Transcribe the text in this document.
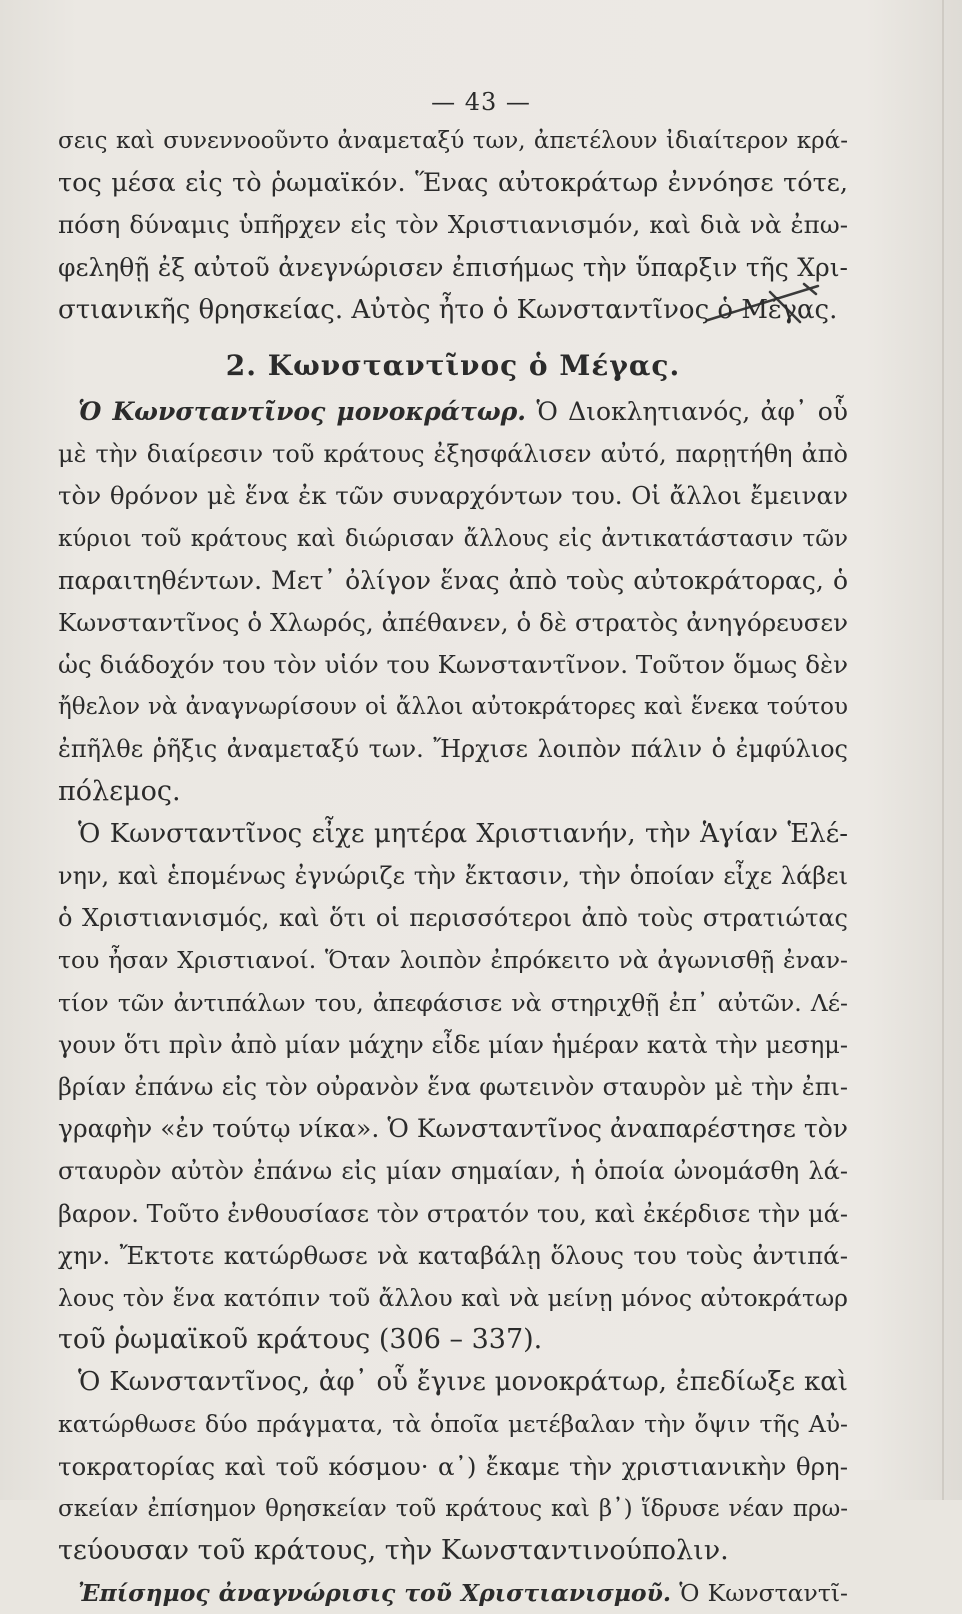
— 43 —
σεις καὶ συνεννοοῦντο ἀναμεταξύ των, ἀπετέλουν ἰδιαίτερον κρά-
τος μέσα εἰς τὸ ῥωμαϊκόν. Ἕνας αὐτοκράτωρ ἐννόησε τότε,
πόση δύναμις ὑπῆρχεν εἰς τὸν Χριστιανισμόν, καὶ διὰ νὰ ἐπω-
φεληθῇ ἐξ αὐτοῦ ἀνεγνώρισεν ἐπισήμως τὴν ὕπαρξιν τῆς Χρι-
στιανικῆς θρησκείας. Αὐτὸς ἦτο ὁ Κωνσταντῖνος ὁ Μέγας.
2. Κωνσταντῖνος ὁ Μέγας.
Ὁ Κωνσταντῖνος μονοκράτωρ. Ὁ Διοκλητιανός, ἀφ᾽ οὗ
μὲ τὴν διαίρεσιν τοῦ κράτους ἐξησφάλισεν αὐτό, παρῃτήθη ἀπὸ
τὸν θρόνον μὲ ἕνα ἐκ τῶν συναρχόντων του. Οἱ ἄλλοι ἔμειναν
κύριοι τοῦ κράτους καὶ διώρισαν ἄλλους εἰς ἀντικατάστασιν τῶν
παραιτηθέντων. Μετ᾽ ὀλίγον ἕνας ἀπὸ τοὺς αὐτοκράτορας, ὁ
Κωνσταντῖνος ὁ Χλωρός, ἀπέθανεν, ὁ δὲ στρατὸς ἀνηγόρευσεν
ὡς διάδοχόν του τὸν υἱόν του Κωνσταντῖνον. Τοῦτον ὅμως δὲν
ἤθελον νὰ ἀναγνωρίσουν οἱ ἄλλοι αὐτοκράτορες καὶ ἕνεκα τούτου
ἐπῆλθε ῥῆξις ἀναμεταξύ των. Ἤρχισε λοιπὸν πάλιν ὁ ἐμφύλιος
πόλεμος.
Ὁ Κωνσταντῖνος εἶχε μητέρα Χριστιανήν, τὴν Ἁγίαν Ἑλέ-
νην, καὶ ἑπομένως ἐγνώριζε τὴν ἔκτασιν, τὴν ὁποίαν εἶχε λάβει
ὁ Χριστιανισμός, καὶ ὅτι οἱ περισσότεροι ἀπὸ τοὺς στρατιώτας
του ἦσαν Χριστιανοί. Ὅταν λοιπὸν ἐπρόκειτο νὰ ἀγωνισθῇ ἐναν-
τίον τῶν ἀντιπάλων του, ἀπεφάσισε νὰ στηριχθῇ ἐπ᾽ αὐτῶν. Λέ-
γουν ὅτι πρὶν ἀπὸ μίαν μάχην εἶδε μίαν ἡμέραν κατὰ τὴν μεσημ-
βρίαν ἐπάνω εἰς τὸν οὐρανὸν ἕνα φωτεινὸν σταυρὸν μὲ τὴν ἐπι-
γραφὴν «ἐν τούτῳ νίκα». Ὁ Κωνσταντῖνος ἀναπαρέστησε τὸν
σταυρὸν αὐτὸν ἐπάνω εἰς μίαν σημαίαν, ἡ ὁποία ὠνομάσθη λά-
βαρον. Τοῦτο ἐνθουσίασε τὸν στρατόν του, καὶ ἐκέρδισε τὴν μά-
χην. Ἔκτοτε κατώρθωσε νὰ καταβάλῃ ὅλους του τοὺς ἀντιπά-
λους τὸν ἕνα κατόπιν τοῦ ἄλλου καὶ νὰ μείνῃ μόνος αὐτοκράτωρ
τοῦ ῥωμαϊκοῦ κράτους (306 – 337).
Ὁ Κωνσταντῖνος, ἀφ᾽ οὗ ἔγινε μονοκράτωρ, ἐπεδίωξε καὶ
κατώρθωσε δύο πράγματα, τὰ ὁποῖα μετέβαλαν τὴν ὄψιν τῆς Αὐ-
τοκρατορίας καὶ τοῦ κόσμου· α᾽) ἔκαμε τὴν χριστιανικὴν θρη-
σκείαν ἐπίσημον θρησκείαν τοῦ κράτους καὶ β᾽) ἵδρυσε νέαν πρω-
τεύουσαν τοῦ κράτους, τὴν Κωνσταντινούπολιν.
Ἐπίσημος ἀναγνώρισις τοῦ Χριστιανισμοῦ. Ὁ Κωνσταντῖ-
